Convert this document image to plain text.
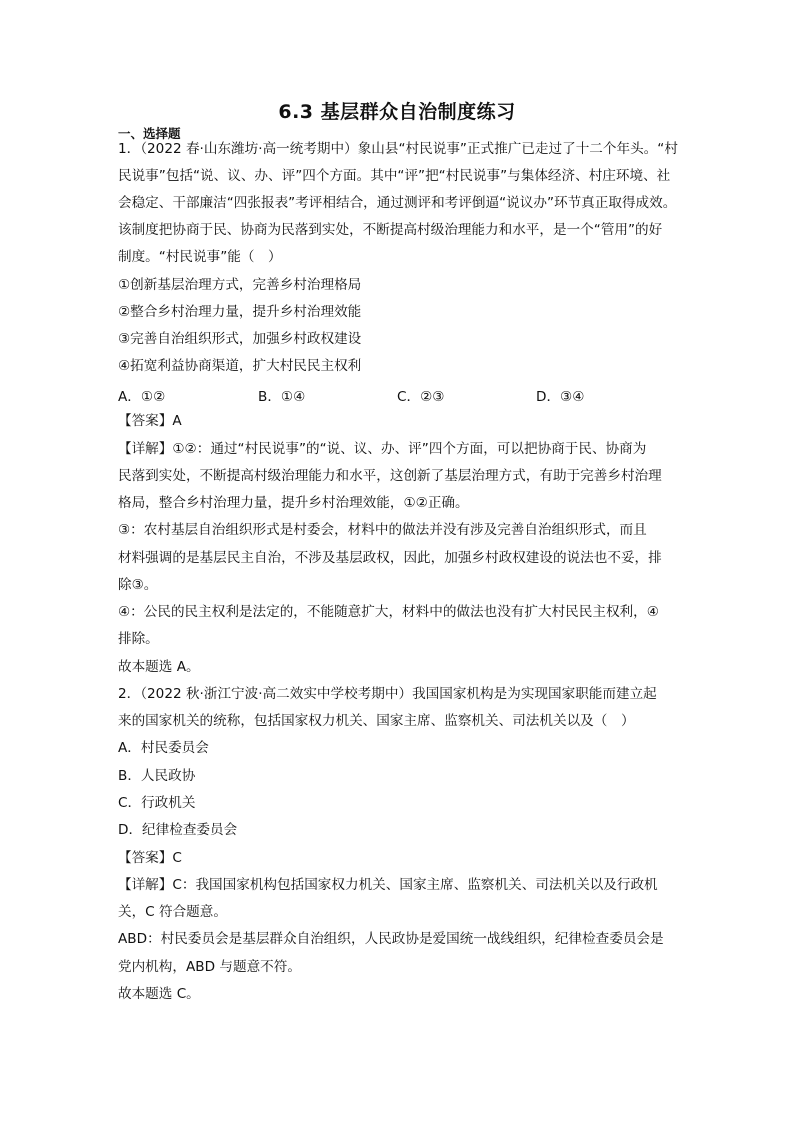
6.3 基层群众自治制度练习
一、选择题
1．（2022 春·山东潍坊·高一统考期中）象山县“村民说事”正式推广已走过了十二个年头。“村
民说事”包括“说、议、办、评”四个方面。其中“评”把“村民说事”与集体经济、村庄环境、社
会稳定、干部廉洁“四张报表”考评相结合，通过测评和考评倒逼“说议办”环节真正取得成效。
该制度把协商于民、协商为民落到实处，不断提高村级治理能力和水平，是一个“管用”的好
制度。“村民说事”能（　）
①创新基层治理方式，完善乡村治理格局
②整合乡村治理力量，提升乡村治理效能
③完善自治组织形式，加强乡村政权建设
④拓宽利益协商渠道，扩大村民民主权利
A．①②	B．①④	C．②③	D．③④
【答案】A
【详解】①②：通过“村民说事”的“说、议、办、评”四个方面，可以把协商于民、协商为
民落到实处，不断提高村级治理能力和水平，这创新了基层治理方式，有助于完善乡村治理
格局，整合乡村治理力量，提升乡村治理效能，①②正确。
③：农村基层自治组织形式是村委会，材料中的做法并没有涉及完善自治组织形式，而且
材料强调的是基层民主自治，不涉及基层政权，因此，加强乡村政权建设的说法也不妥，排
除③。
④：公民的民主权利是法定的，不能随意扩大，材料中的做法也没有扩大村民民主权利，④
排除。
故本题选 A。
2．（2022 秋·浙江宁波·高二效实中学校考期中）我国国家机构是为实现国家职能而建立起
来的国家机关的统称，包括国家权力机关、国家主席、监察机关、司法机关以及（　）
A．村民委员会
B．人民政协
C．行政机关
D．纪律检查委员会
【答案】C
【详解】C：我国国家机构包括国家权力机关、国家主席、监察机关、司法机关以及行政机
关，C 符合题意。
ABD：村民委员会是基层群众自治组织，人民政协是爱国统一战线组织，纪律检查委员会是
党内机构，ABD 与题意不符。
故本题选 C。
